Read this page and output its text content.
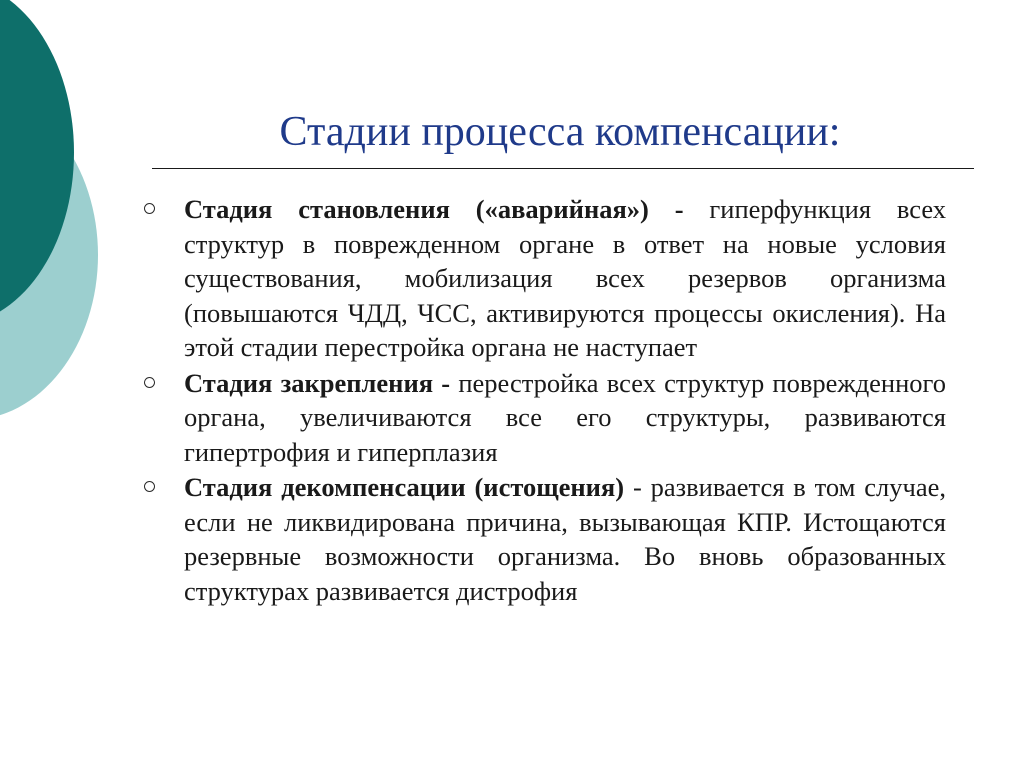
Стадии процесса компенсации:
Стадия становления («аварийная») - гиперфункция всех структур в поврежденном органе в ответ на новые условия существования, мобилизация всех резервов организма (повышаются ЧДД, ЧСС, активируются процессы окисления). На этой стадии перестройка органа не наступает
Стадия закрепления - перестройка всех структур поврежденного органа, увеличиваются все его структуры, развиваются гипертрофия и гиперплазия
Стадия декомпенсации (истощения) - развивается в том случае, если не ликвидирована причина, вызывающая КПР. Истощаются резервные возможности организма. Во вновь образованных структурах развивается дистрофия
